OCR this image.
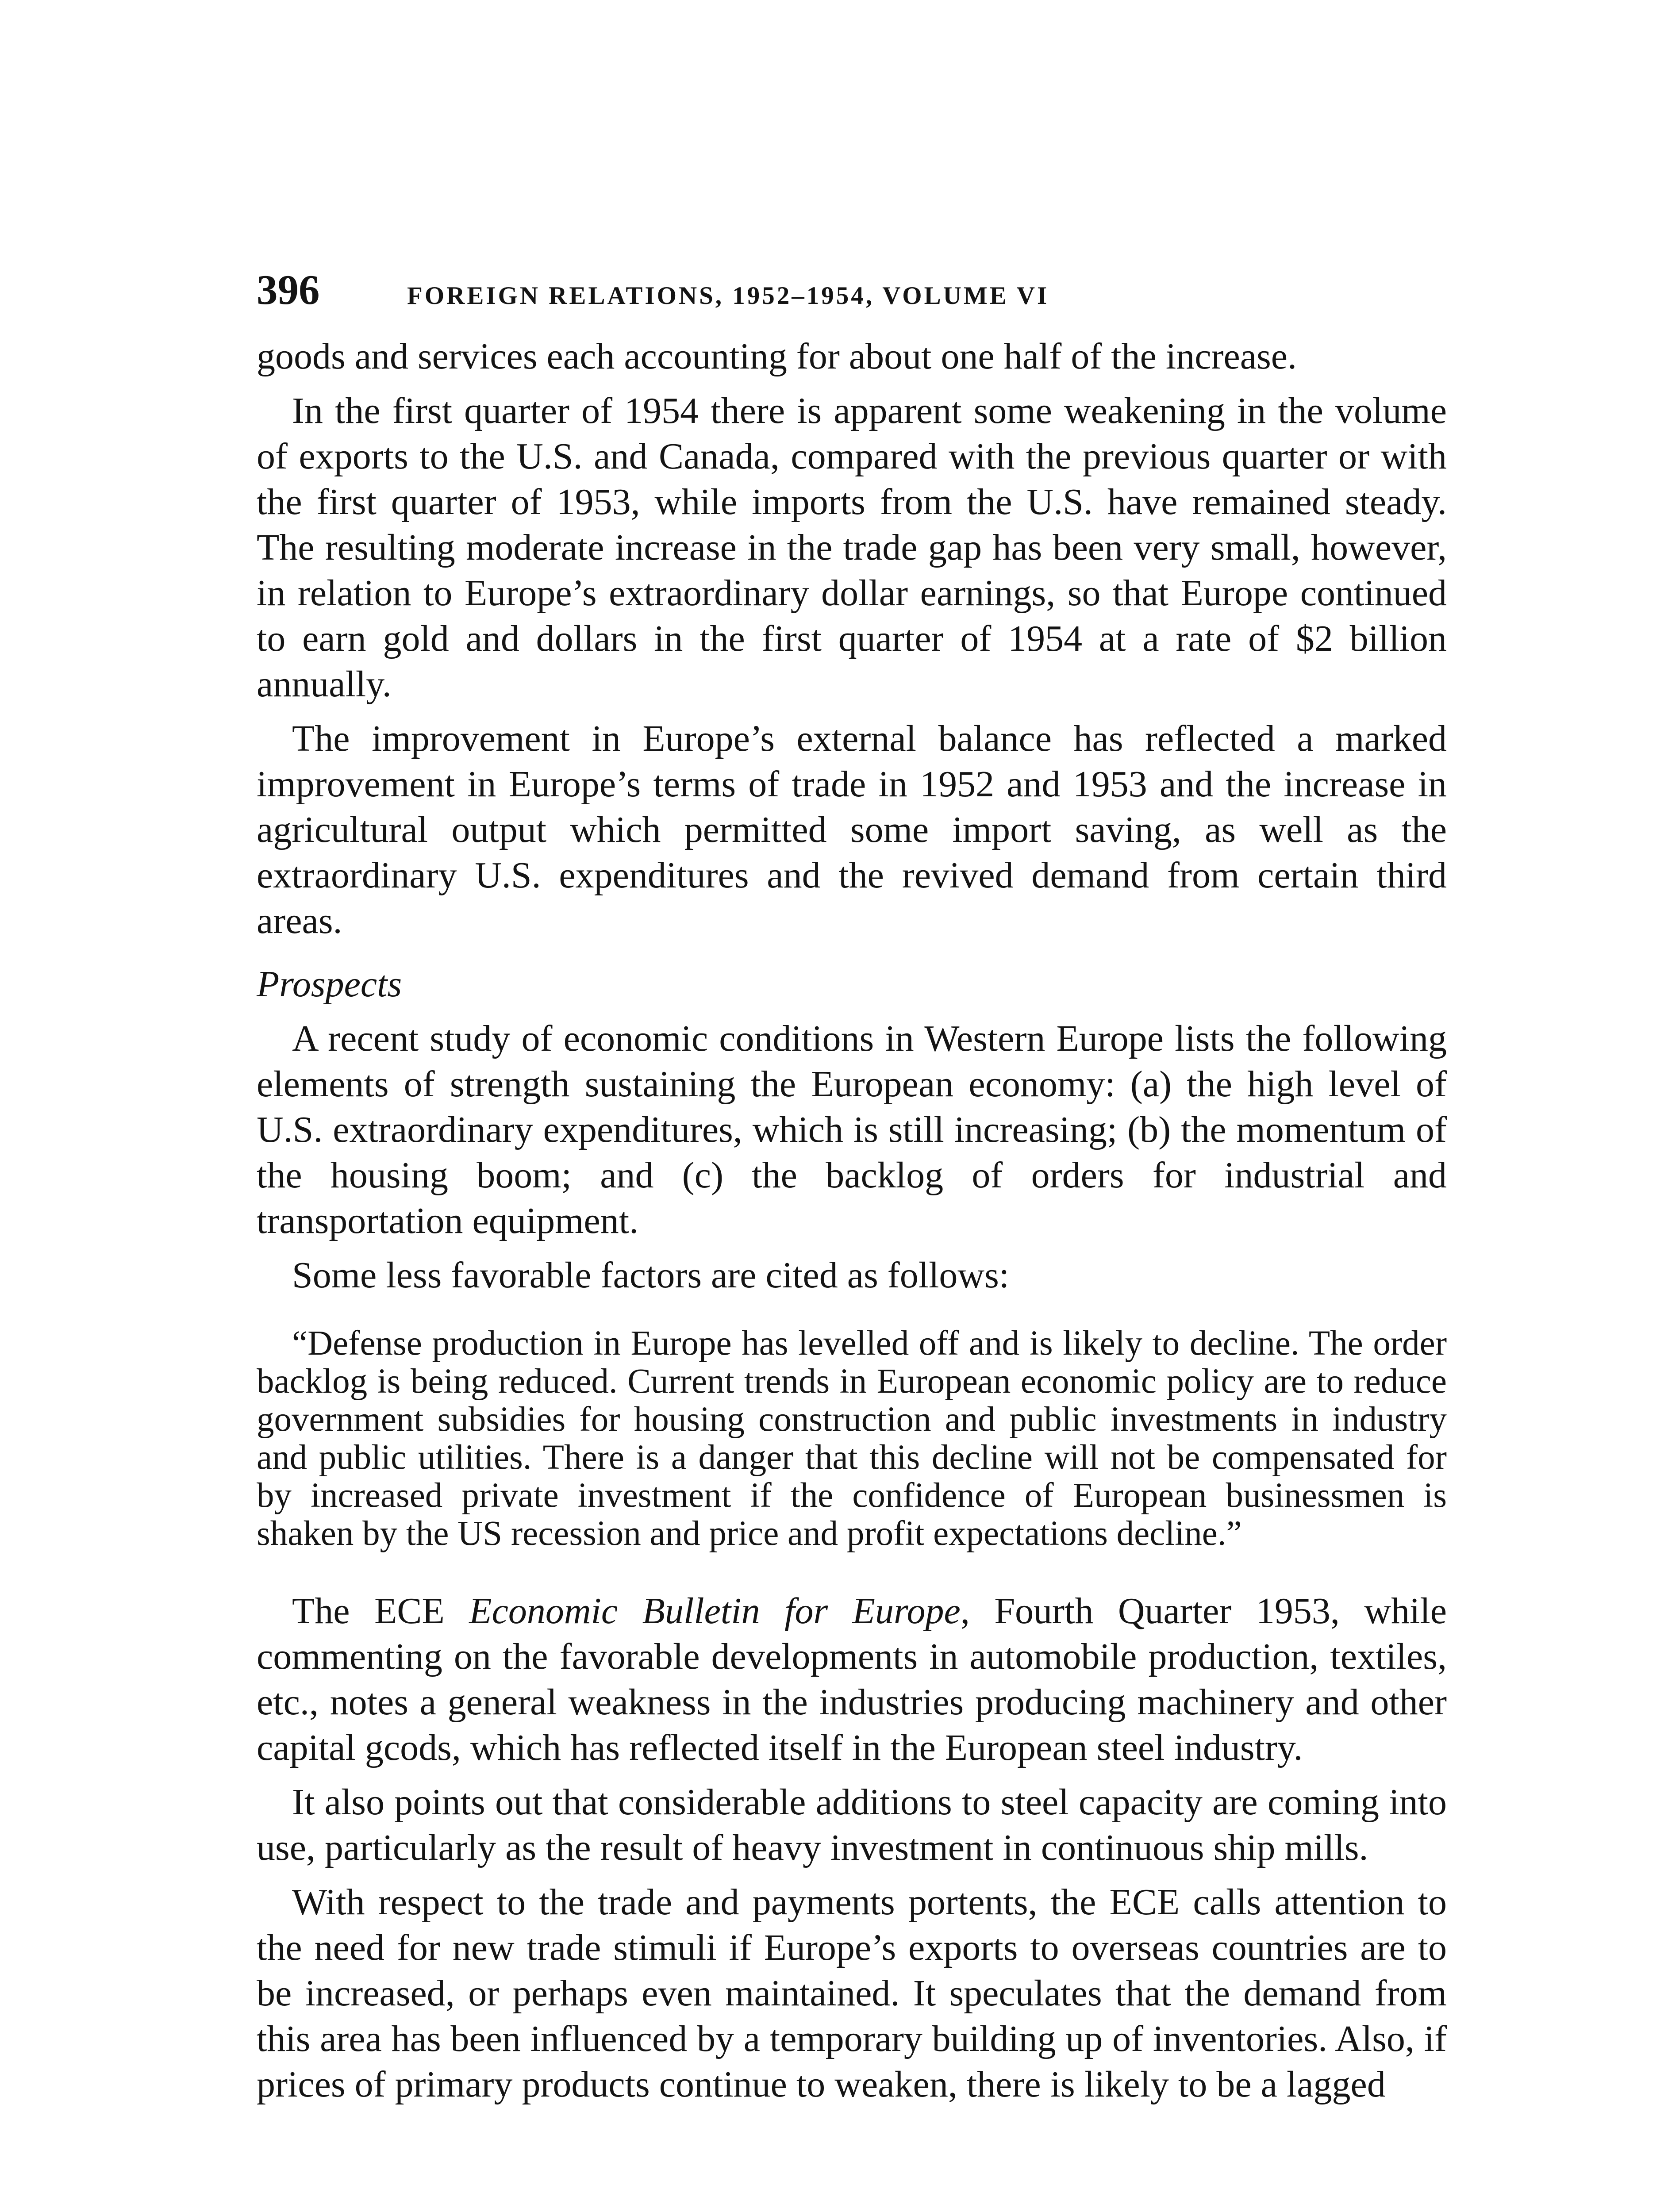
396	FOREIGN RELATIONS, 1952–1954, VOLUME VI

goods and services each accounting for about one half of the increase.

In the first quarter of 1954 there is apparent some weakening in the volume of exports to the U.S. and Canada, compared with the previous quarter or with the first quarter of 1953, while imports from the U.S. have remained steady. The resulting moderate increase in the trade gap has been very small, however, in relation to Europe’s extraordinary dollar earnings, so that Europe continued to earn gold and dollars in the first quarter of 1954 at a rate of $2 billion annually.

The improvement in Europe’s external balance has reflected a marked improvement in Europe’s terms of trade in 1952 and 1953 and the increase in agricultural output which permitted some import saving, as well as the extraordinary U.S. expenditures and the revived demand from certain third areas.

Prospects

A recent study of economic conditions in Western Europe lists the following elements of strength sustaining the European economy: (a) the high level of U.S. extraordinary expenditures, which is still increasing; (b) the momentum of the housing boom; and (c) the backlog of orders for industrial and transportation equipment.

Some less favorable factors are cited as follows:

“Defense production in Europe has levelled off and is likely to decline. The order backlog is being reduced. Current trends in European economic policy are to reduce government subsidies for housing construction and public investments in industry and public utilities. There is a danger that this decline will not be compensated for by increased private investment if the confidence of European businessmen is shaken by the US recession and price and profit expectations decline.”

The ECE Economic Bulletin for Europe, Fourth Quarter 1953, while commenting on the favorable developments in automobile production, textiles, etc., notes a general weakness in the industries producing machinery and other capital gcods, which has reflected itself in the European steel industry.

It also points out that considerable additions to steel capacity are coming into use, particularly as the result of heavy investment in continuous ship mills.

With respect to the trade and payments portents, the ECE calls attention to the need for new trade stimuli if Europe’s exports to overseas countries are to be increased, or perhaps even maintained. It speculates that the demand from this area has been influenced by a temporary building up of inventories. Also, if prices of primary products continue to weaken, there is likely to be a lagged
